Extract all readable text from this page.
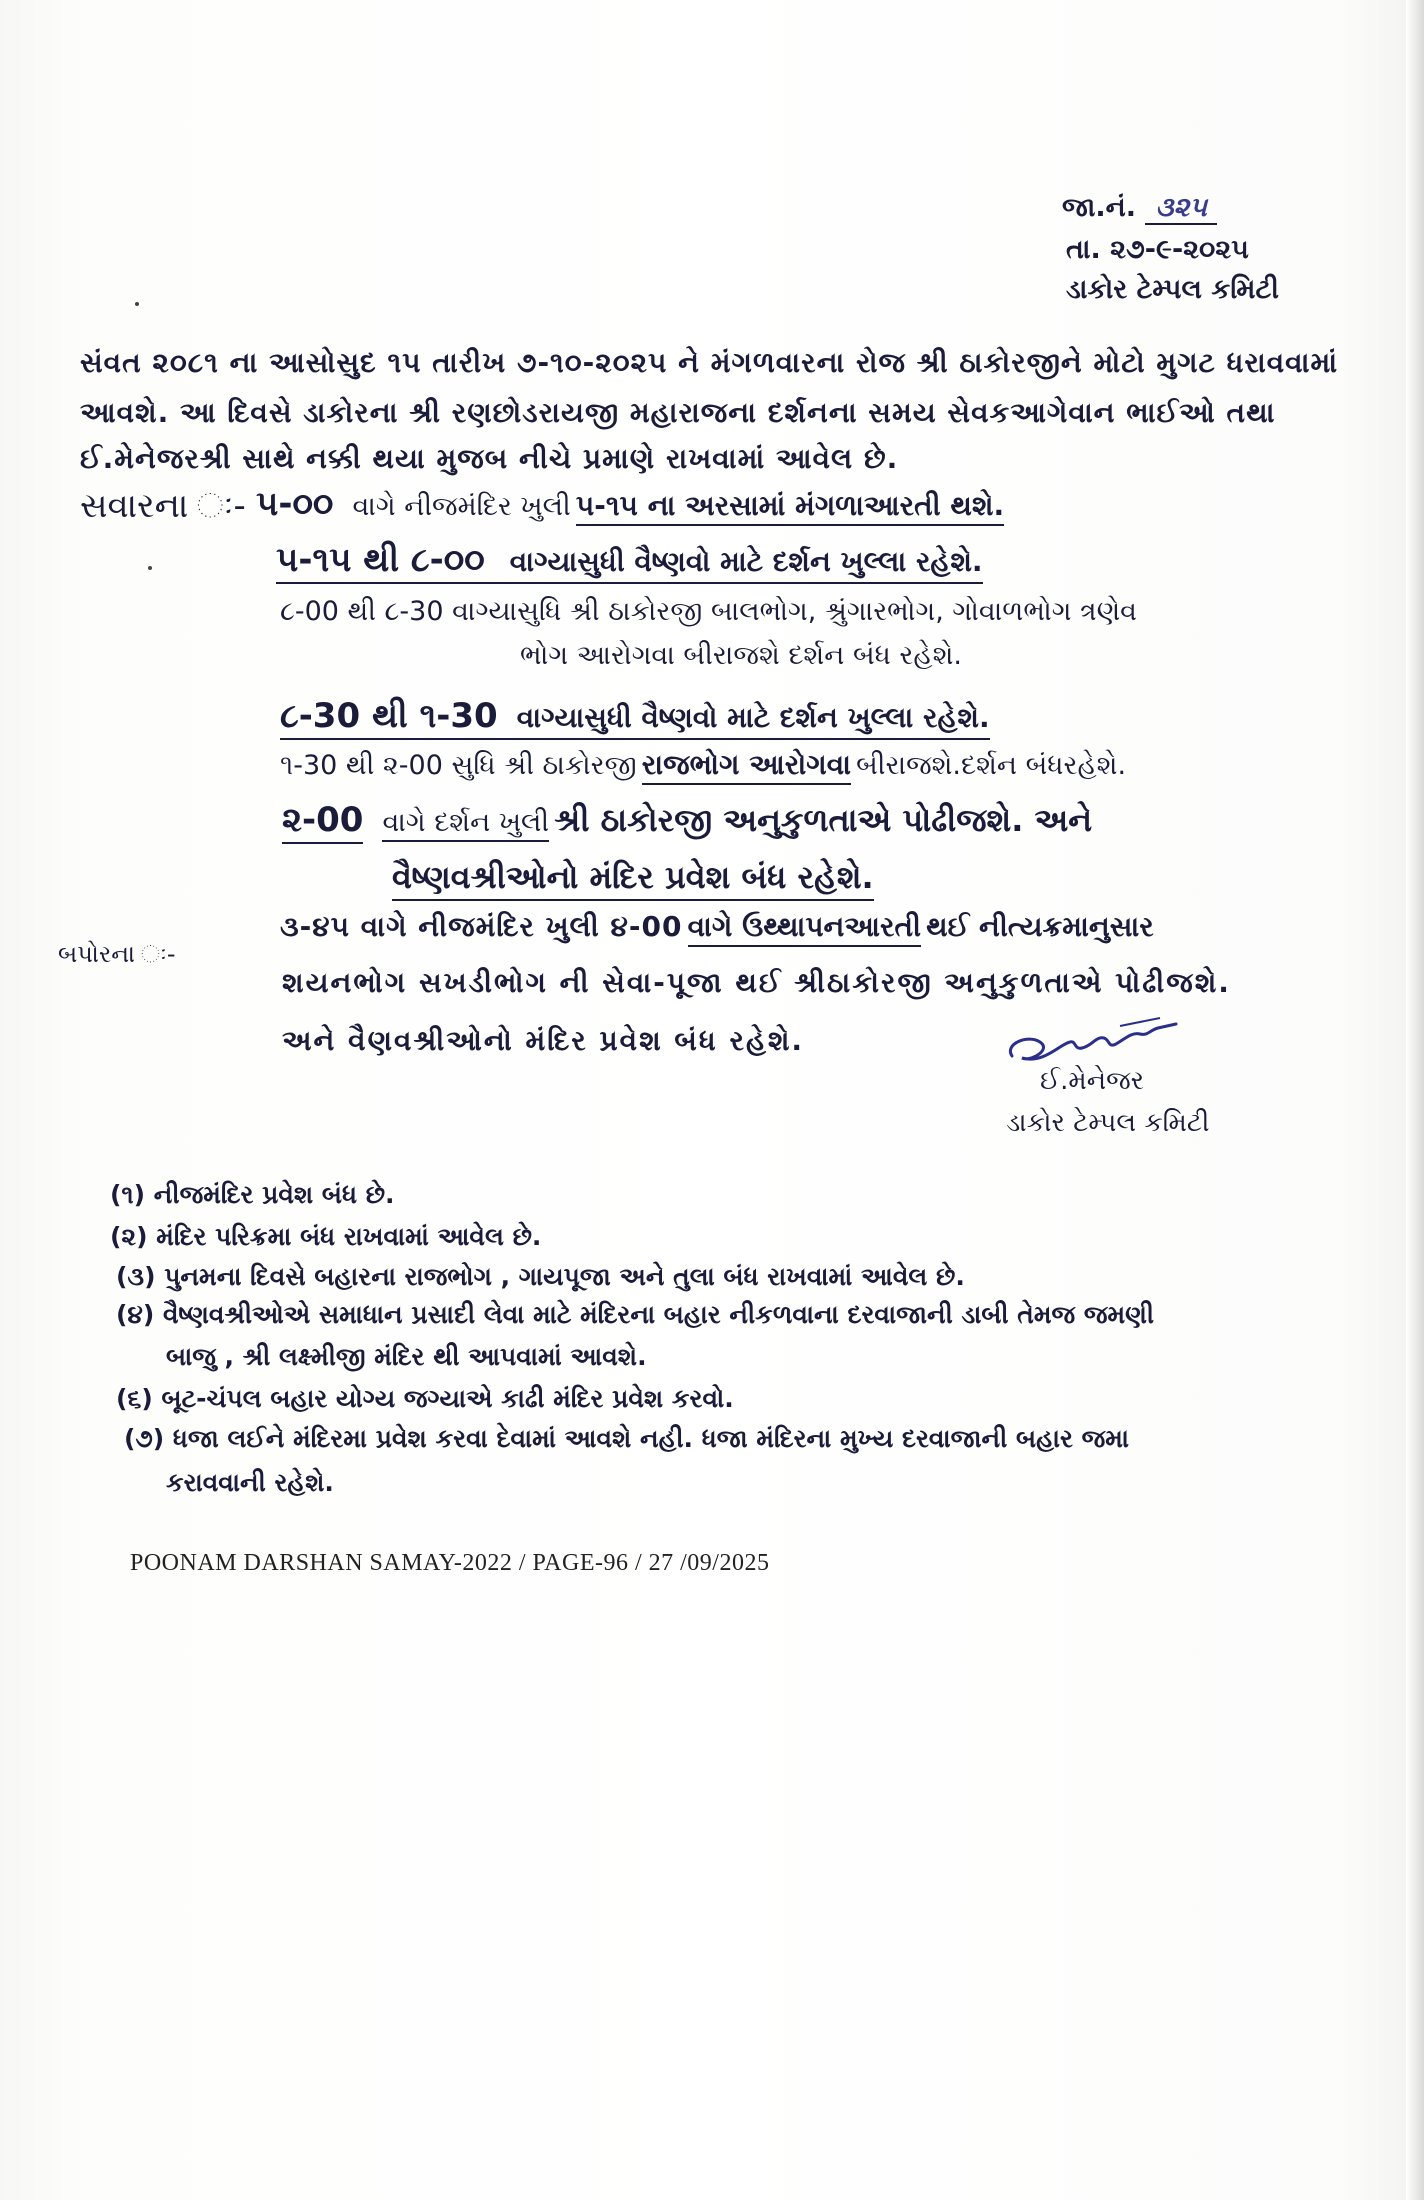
જા.નં. ૩૨૫
તા. ૨૭-૯-૨૦૨૫
ડાકોર ટેમ્પલ કમિટી
સંવત ૨૦૮૧ ના આસોસુદ ૧૫ તારીખ ૭-૧૦-૨૦૨૫ ને મંગળવારના રોજ શ્રી ઠાકોરજીને મોટો મુગટ ધરાવવામાં
આવશે. આ દિવસે ડાકોરના શ્રી રણછોડરાયજી મહારાજના દર્શનના સમય સેવકઆગેવાન ભાઈઓ તથા
ઈ.મેનેજરશ્રી સાથે નક્કી થયા મુજબ નીચે પ્રમાણે રાખવામાં આવેલ છે.
સવારના ઃ- ૫-૦૦ વાગે નીજમંદિર ખુલી ૫-૧૫ ના અરસામાં મંગળાઆરતી થશે.
૫-૧૫ થી ૮-૦૦ વાગ્યાસુધી વૈષ્ણવો માટે દર્શન ખુલ્લા રહેશે.
૮-00 થી ૮-30 વાગ્યાસુધિ શ્રી ઠાકોરજી બાલભોગ, શ્રુંગારભોગ, ગોવાળભોગ ત્રણેવ
ભોગ આરોગવા બીરાજશે દર્શન બંધ રહેશે.
૮-30 થી ૧-30 વાગ્યાસુધી વૈષ્ણવો માટે દર્શન ખુલ્લા રહેશે.
૧-30 થી ૨-00 સુધિ શ્રી ઠાકોરજી રાજભોગ આરોગવા બીરાજશે.દર્શન બંધરહેશે.
૨-00 વાગે દર્શન ખુલી શ્રી ઠાકોરજી અનુકુળતાએ પોઢીજશે. અને
વૈષ્ણવશ્રીઓનો મંદિર પ્રવેશ બંધ રહેશે.
બપોરના ઃ-
૩-૪૫ વાગે નીજમંદિર ખુલી ૪-00 વાગે ઉથ્થાપનઆરતી થઈ નીત્યક્રમાનુસાર
શયનભોગ સખડીભોગ ની સેવા-પૂજા થઈ શ્રીઠાકોરજી અનુકુળતાએ પોઢીજશે.
અને વૈણવશ્રીઓનો મંદિર પ્રવેશ બંધ રહેશે.
ઈ.મેનેજર
ડાકોર ટેમ્પલ કમિટી
(૧) નીજમંદિર પ્રવેશ બંધ છે.
(૨) મંદિર પરિક્રમા બંધ રાખવામાં આવેલ છે.
(૩) પુનમના દિવસે બહારના રાજભોગ , ગાયપૂજા અને તુલા બંધ રાખવામાં આવેલ છે.
(૪) વૈષ્ણવશ્રીઓએ સમાધાન પ્રસાદી લેવા માટે મંદિરના બહાર નીકળવાના દરવાજાની ડાબી તેમજ જમણી
બાજુ , શ્રી લક્ષ્મીજી મંદિર થી આપવામાં આવશે.
(૬) બૂટ-ચંપલ બહાર યોગ્ય જગ્યાએ કાઢી મંદિર પ્રવેશ કરવો.
(૭) ધજા લઈને મંદિરમા પ્રવેશ કરવા દેવામાં આવશે નહી. ધજા મંદિરના મુખ્ય દરવાજાની બહાર જમા
કરાવવાની રહેશે.
POONAM DARSHAN SAMAY-2022 / PAGE-96 / 27 /09/2025
